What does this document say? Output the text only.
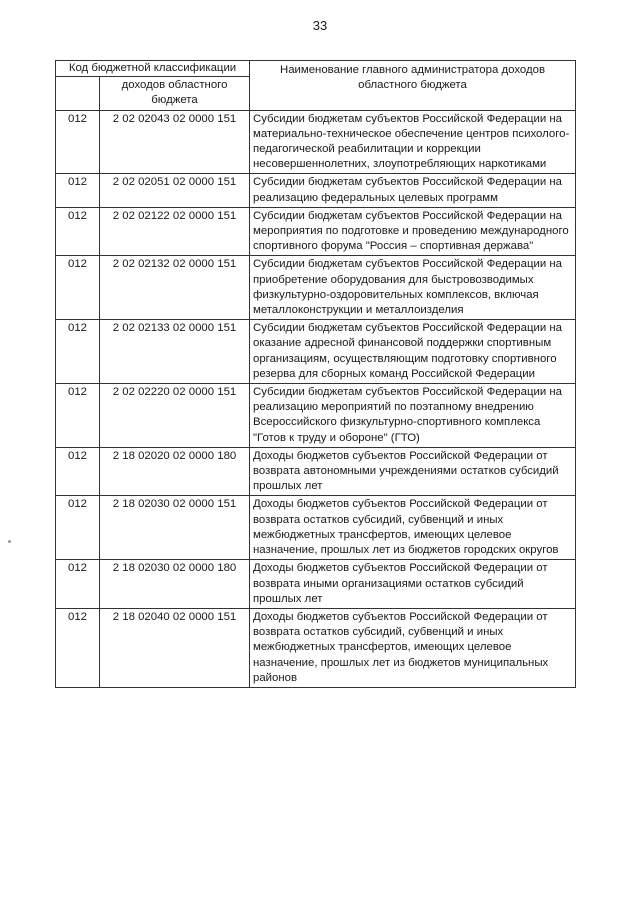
33
Код бюджетной классификации		Наименование главного администратора доходов областного бюджета
	доходов областного бюджета	
012	2 02 02043 02 0000 151	Субсидии бюджетам субъектов Российской Федерации на материально-техническое обеспечение центров психолого-педагогической реабилитации и коррекции несовершеннолетних, злоупотребляющих наркотиками
012	2 02 02051 02 0000 151	Субсидии бюджетам субъектов Российской Федерации на реализацию федеральных целевых программ
012	2 02 02122 02 0000 151	Субсидии бюджетам субъектов Российской Федерации на мероприятия по подготовке и проведению международного спортивного форума "Россия – спортивная держава"
012	2 02 02132 02 0000 151	Субсидии бюджетам субъектов Российской Федерации на приобретение оборудования для быстровозводимых физкультурно-оздоровительных комплексов, включая металлоконструкции и металлоизделия
012	2 02 02133 02 0000 151	Субсидии бюджетам субъектов Российской Федерации на оказание адресной финансовой поддержки спортивным организациям, осуществляющим подготовку спортивного резерва для сборных команд Российской Федерации
012	2 02 02220 02 0000 151	Субсидии бюджетам субъектов Российской Федерации на реализацию мероприятий по поэтапному внедрению Всероссийского физкультурно-спортивного комплекса "Готов к труду и обороне" (ГТО)
012	2 18 02020 02 0000 180	Доходы бюджетов субъектов Российской Федерации от возврата автономными учреждениями остатков субсидий прошлых лет
012	2 18 02030 02 0000 151	Доходы бюджетов субъектов Российской Федерации от возврата остатков субсидий, субвенций и иных межбюджетных трансфертов, имеющих целевое назначение, прошлых лет из бюджетов городских округов
012	2 18 02030 02 0000 180	Доходы бюджетов субъектов Российской Федерации от возврата иными организациями остатков субсидий прошлых лет
012	2 18 02040 02 0000 151	Доходы бюджетов субъектов Российской Федерации от возврата остатков субсидий, субвенций и иных межбюджетных трансфертов, имеющих целевое назначение, прошлых лет из бюджетов муниципальных районов
